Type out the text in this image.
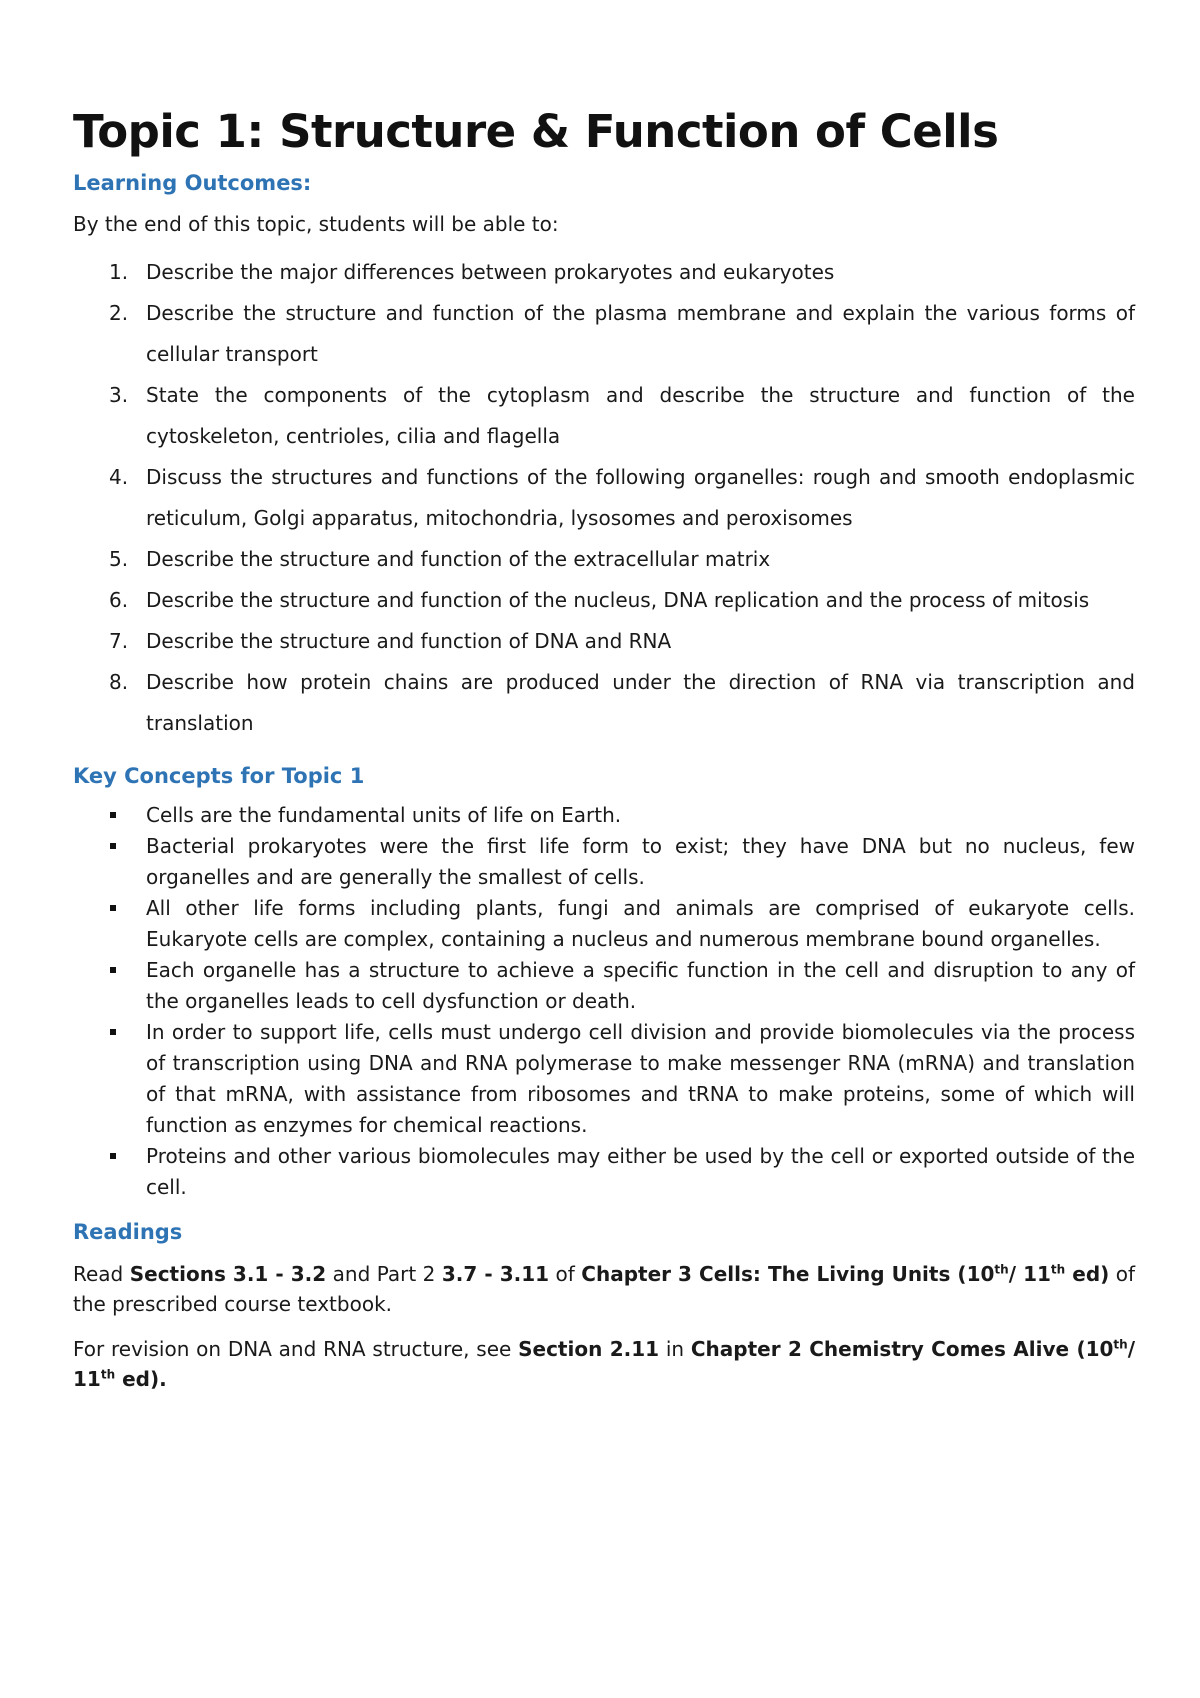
Topic 1: Structure & Function of Cells
Learning Outcomes:

By the end of this topic, students will be able to:

1. Describe the major differences between prokaryotes and eukaryotes
2. Describe the structure and function of the plasma membrane and explain the various forms of cellular transport
3. State the components of the cytoplasm and describe the structure and function of the cytoskeleton, centrioles, cilia and flagella
4. Discuss the structures and functions of the following organelles: rough and smooth endoplasmic reticulum, Golgi apparatus, mitochondria, lysosomes and peroxisomes
5. Describe the structure and function of the extracellular matrix
6. Describe the structure and function of the nucleus, DNA replication and the process of mitosis
7. Describe the structure and function of DNA and RNA
8. Describe how protein chains are produced under the direction of RNA via transcription and translation
Key Concepts for Topic 1
Cells are the fundamental units of life on Earth.
Bacterial prokaryotes were the first life form to exist; they have DNA but no nucleus, few organelles and are generally the smallest of cells.
All other life forms including plants, fungi and animals are comprised of eukaryote cells. Eukaryote cells are complex, containing a nucleus and numerous membrane bound organelles.
Each organelle has a structure to achieve a specific function in the cell and disruption to any of the organelles leads to cell dysfunction or death.
In order to support life, cells must undergo cell division and provide biomolecules via the process of transcription using DNA and RNA polymerase to make messenger RNA (mRNA) and translation of that mRNA, with assistance from ribosomes and tRNA to make proteins, some of which will function as enzymes for chemical reactions.
Proteins and other various biomolecules may either be used by the cell or exported outside of the cell.
Readings

Read Sections 3.1 - 3.2 and Part 2 3.7 - 3.11 of Chapter 3 Cells: The Living Units (10th/ 11th ed) of the prescribed course textbook.

For revision on DNA and RNA structure, see Section 2.11 in Chapter 2 Chemistry Comes Alive (10th/ 11th ed).
